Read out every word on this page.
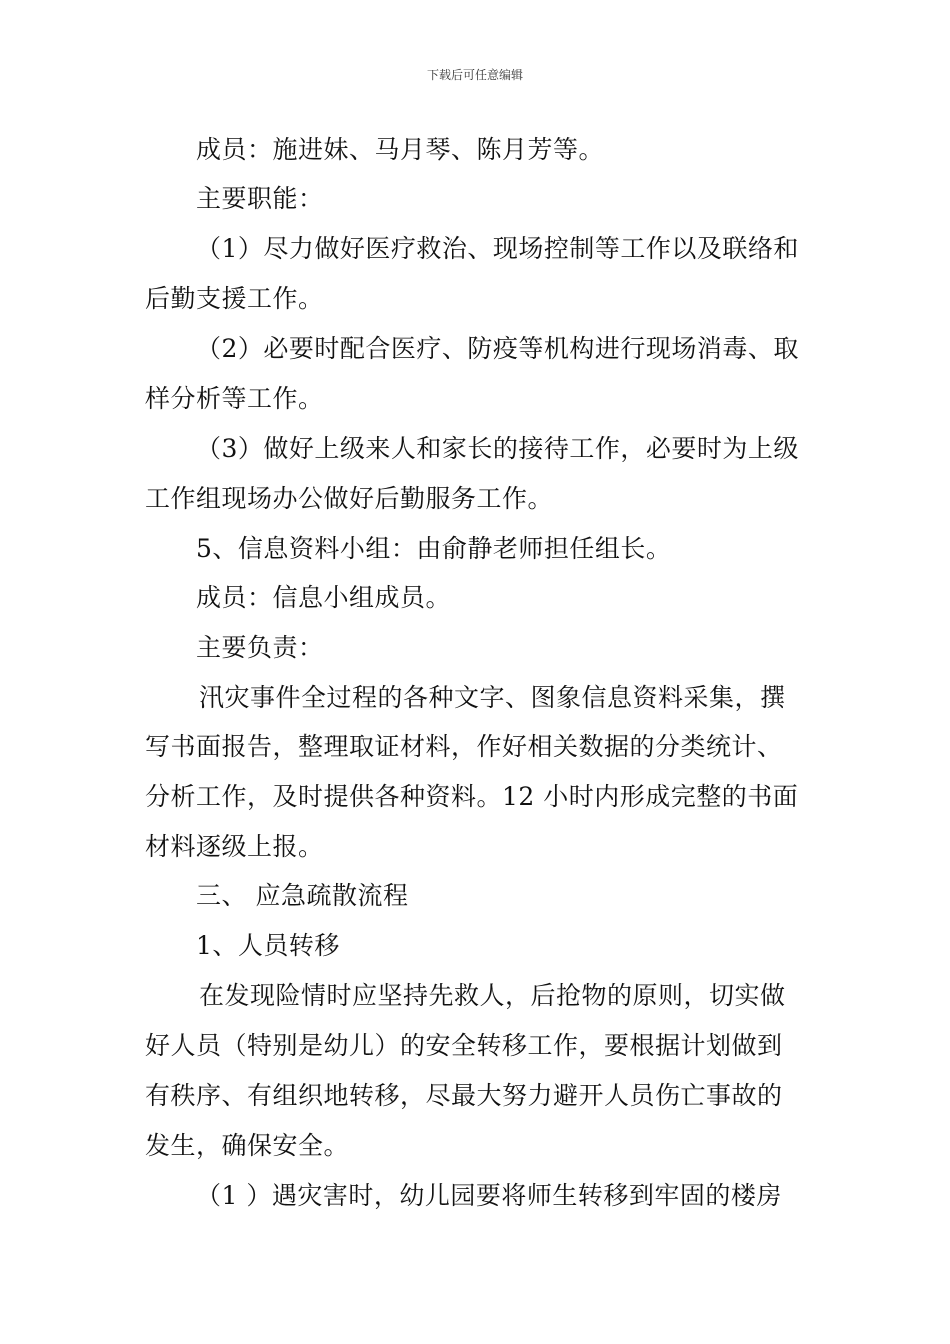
下载后可任意编辑
成员：施进妹、马月琴、陈月芳等。
主要职能：
（1）尽力做好医疗救治、现场控制等工作以及联络和
后勤支援工作。
（2）必要时配合医疗、防疫等机构进行现场消毒、取
样分析等工作。
（3）做好上级来人和家长的接待工作，必要时为上级
工作组现场办公做好后勤服务工作。
5、信息资料小组：由俞静老师担任组长。
成员：信息小组成员。
主要负责：
汛灾事件全过程的各种文字、图象信息资料采集，撰
写书面报告，整理取证材料，作好相关数据的分类统计、
分析工作，及时提供各种资料。12 小时内形成完整的书面
材料逐级上报。
三、 应急疏散流程
1、人员转移
在发现险情时应坚持先救人，后抢物的原则，切实做
好人员（特别是幼儿）的安全转移工作，要根据计划做到
有秩序、有组织地转移，尽最大努力避开人员伤亡事故的
发生，确保安全。
（1 ）遇灾害时，幼儿园要将师生转移到牢固的楼房
